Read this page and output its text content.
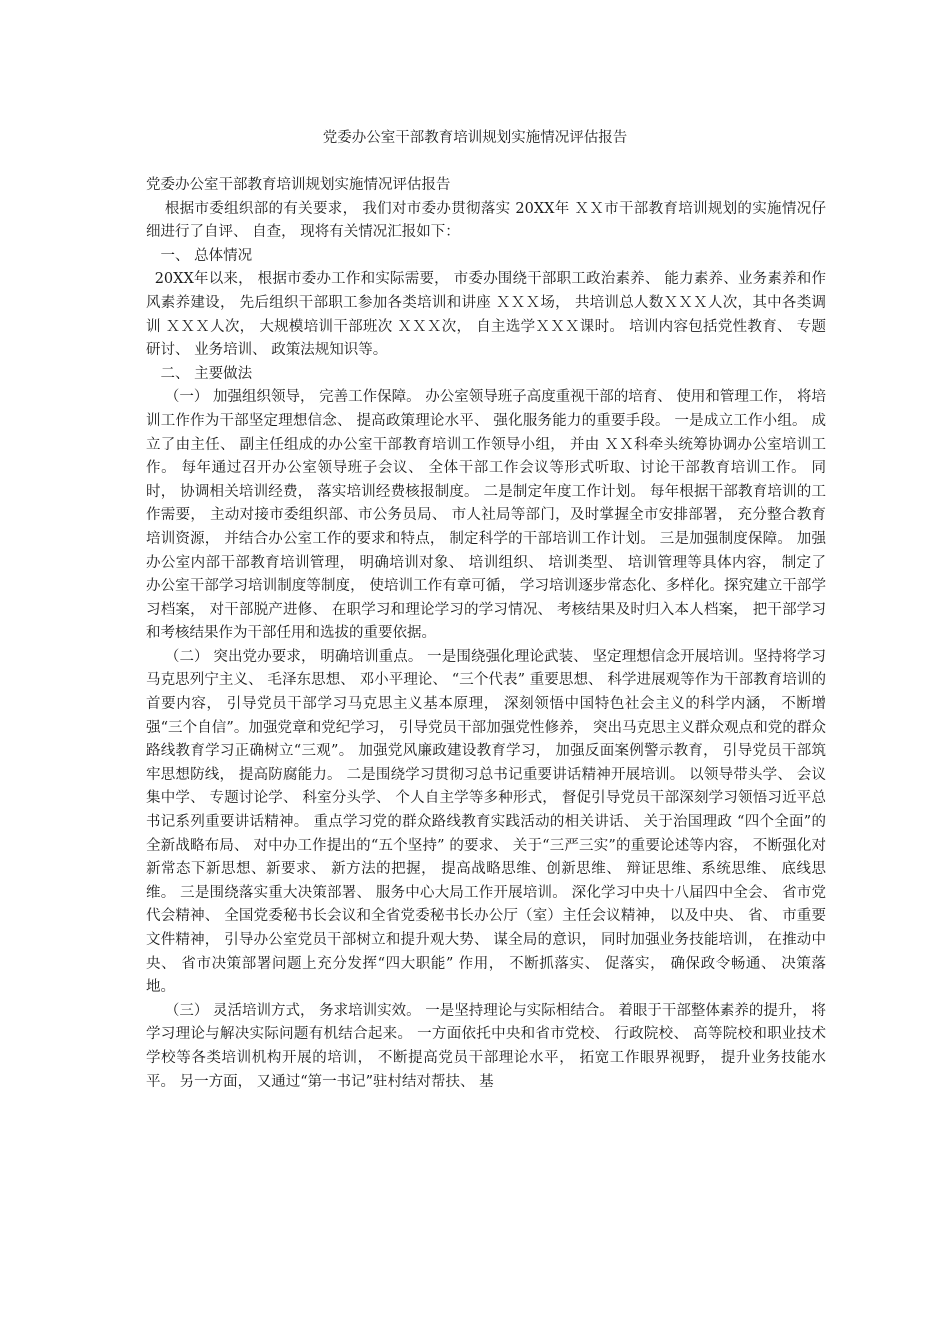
党委办公室干部教育培训规划实施情况评估报告

党委办公室干部教育培训规划实施情况评估报告

根据市委组织部的有关要求， 我们对市委办贯彻落实 20XX年 ＸＸ市干部教育培训规划的实施情况仔细进行了自评、 自查， 现将有关情况汇报如下：

一、 总体情况

20XX年以来， 根据市委办工作和实际需要， 市委办围绕干部职工政治素养、 能力素养、业务素养和作风素养建设， 先后组织干部职工参加各类培训和讲座 ＸＸＸ场， 共培训总人数ＸＸＸ人次，其中各类调训 ＸＸＸ人次， 大规模培训干部班次 ＸＸＸ次， 自主选学ＸＸＸ课时。 培训内容包括党性教育、 专题研讨、 业务培训、 政策法规知识等。

二、 主要做法

（一） 加强组织领导， 完善工作保障。 办公室领导班子高度重视干部的培育、 使用和管理工作， 将培训工作作为干部坚定理想信念、 提高政策理论水平、 强化服务能力的重要手段。 一是成立工作小组。 成立了由主任、 副主任组成的办公室干部教育培训工作领导小组， 并由 ＸＸ科牵头统筹协调办公室培训工作。 每年通过召开办公室领导班子会议、 全体干部工作会议等形式听取、讨论干部教育培训工作。 同时， 协调相关培训经费， 落实培训经费核报制度。 二是制定年度工作计划。 每年根据干部教育培训的工作需要， 主动对接市委组织部、市公务员局、 市人社局等部门，及时掌握全市安排部署， 充分整合教育培训资源， 并结合办公室工作的要求和特点， 制定科学的干部培训工作计划。 三是加强制度保障。 加强办公室内部干部教育培训管理， 明确培训对象、 培训组织、 培训类型、 培训管理等具体内容， 制定了 办公室干部学习培训制度等制度， 使培训工作有章可循， 学习培训逐步常态化、多样化。探究建立干部学习档案， 对干部脱产进修、 在职学习和理论学习的学习情况、 考核结果及时归入本人档案， 把干部学习和考核结果作为干部任用和选拔的重要依据。

（二） 突出党办要求， 明确培训重点。 一是围绕强化理论武装、 坚定理想信念开展培训。坚持将学习马克思列宁主义、 毛泽东思想、 邓小平理论、 “三个代表” 重要思想、 科学进展观等作为干部教育培训的首要内容， 引导党员干部学习马克思主义基本原理， 深刻领悟中国特色社会主义的科学内涵， 不断增强“三个自信”。加强党章和党纪学习， 引导党员干部加强党性修养， 突出马克思主义群众观点和党的群众路线教育学习正确树立“三观”。 加强党风廉政建设教育学习， 加强反面案例警示教育， 引导党员干部筑牢思想防线， 提高防腐能力。 二是围绕学习贯彻习总书记重要讲话精神开展培训。 以领导带头学、 会议集中学、 专题讨论学、 科室分头学、 个人自主学等多种形式， 督促引导党员干部深刻学习领悟习近平总书记系列重要讲话精神。 重点学习党的群众路线教育实践活动的相关讲话、 关于治国理政 “四个全面”的全新战略布局、 对中办工作提出的“五个坚持” 的要求、 关于“三严三实”的重要论述等内容， 不断强化对新常态下新思想、新要求、 新方法的把握， 提高战略思维、创新思维、 辩证思维、系统思维、 底线思维。 三是围绕落实重大决策部署、 服务中心大局工作开展培训。 深化学习中央十八届四中全会、 省市党代会精神、 全国党委秘书长会议和全省党委秘书长办公厅（室）主任会议精神， 以及中央、 省、 市重要文件精神， 引导办公室党员干部树立和提升观大势、 谋全局的意识， 同时加强业务技能培训， 在推动中央、 省市决策部署问题上充分发挥“四大职能” 作用， 不断抓落实、 促落实， 确保政令畅通、 决策落地。

（三） 灵活培训方式， 务求培训实效。 一是坚持理论与实际相结合。 着眼于干部整体素养的提升， 将学习理论与解决实际问题有机结合起来。 一方面依托中央和省市党校、 行政院校、 高等院校和职业技术学校等各类培训机构开展的培训， 不断提高党员干部理论水平， 拓宽工作眼界视野， 提升业务技能水平。 另一方面， 又通过“第一书记”驻村结对帮扶、 基
